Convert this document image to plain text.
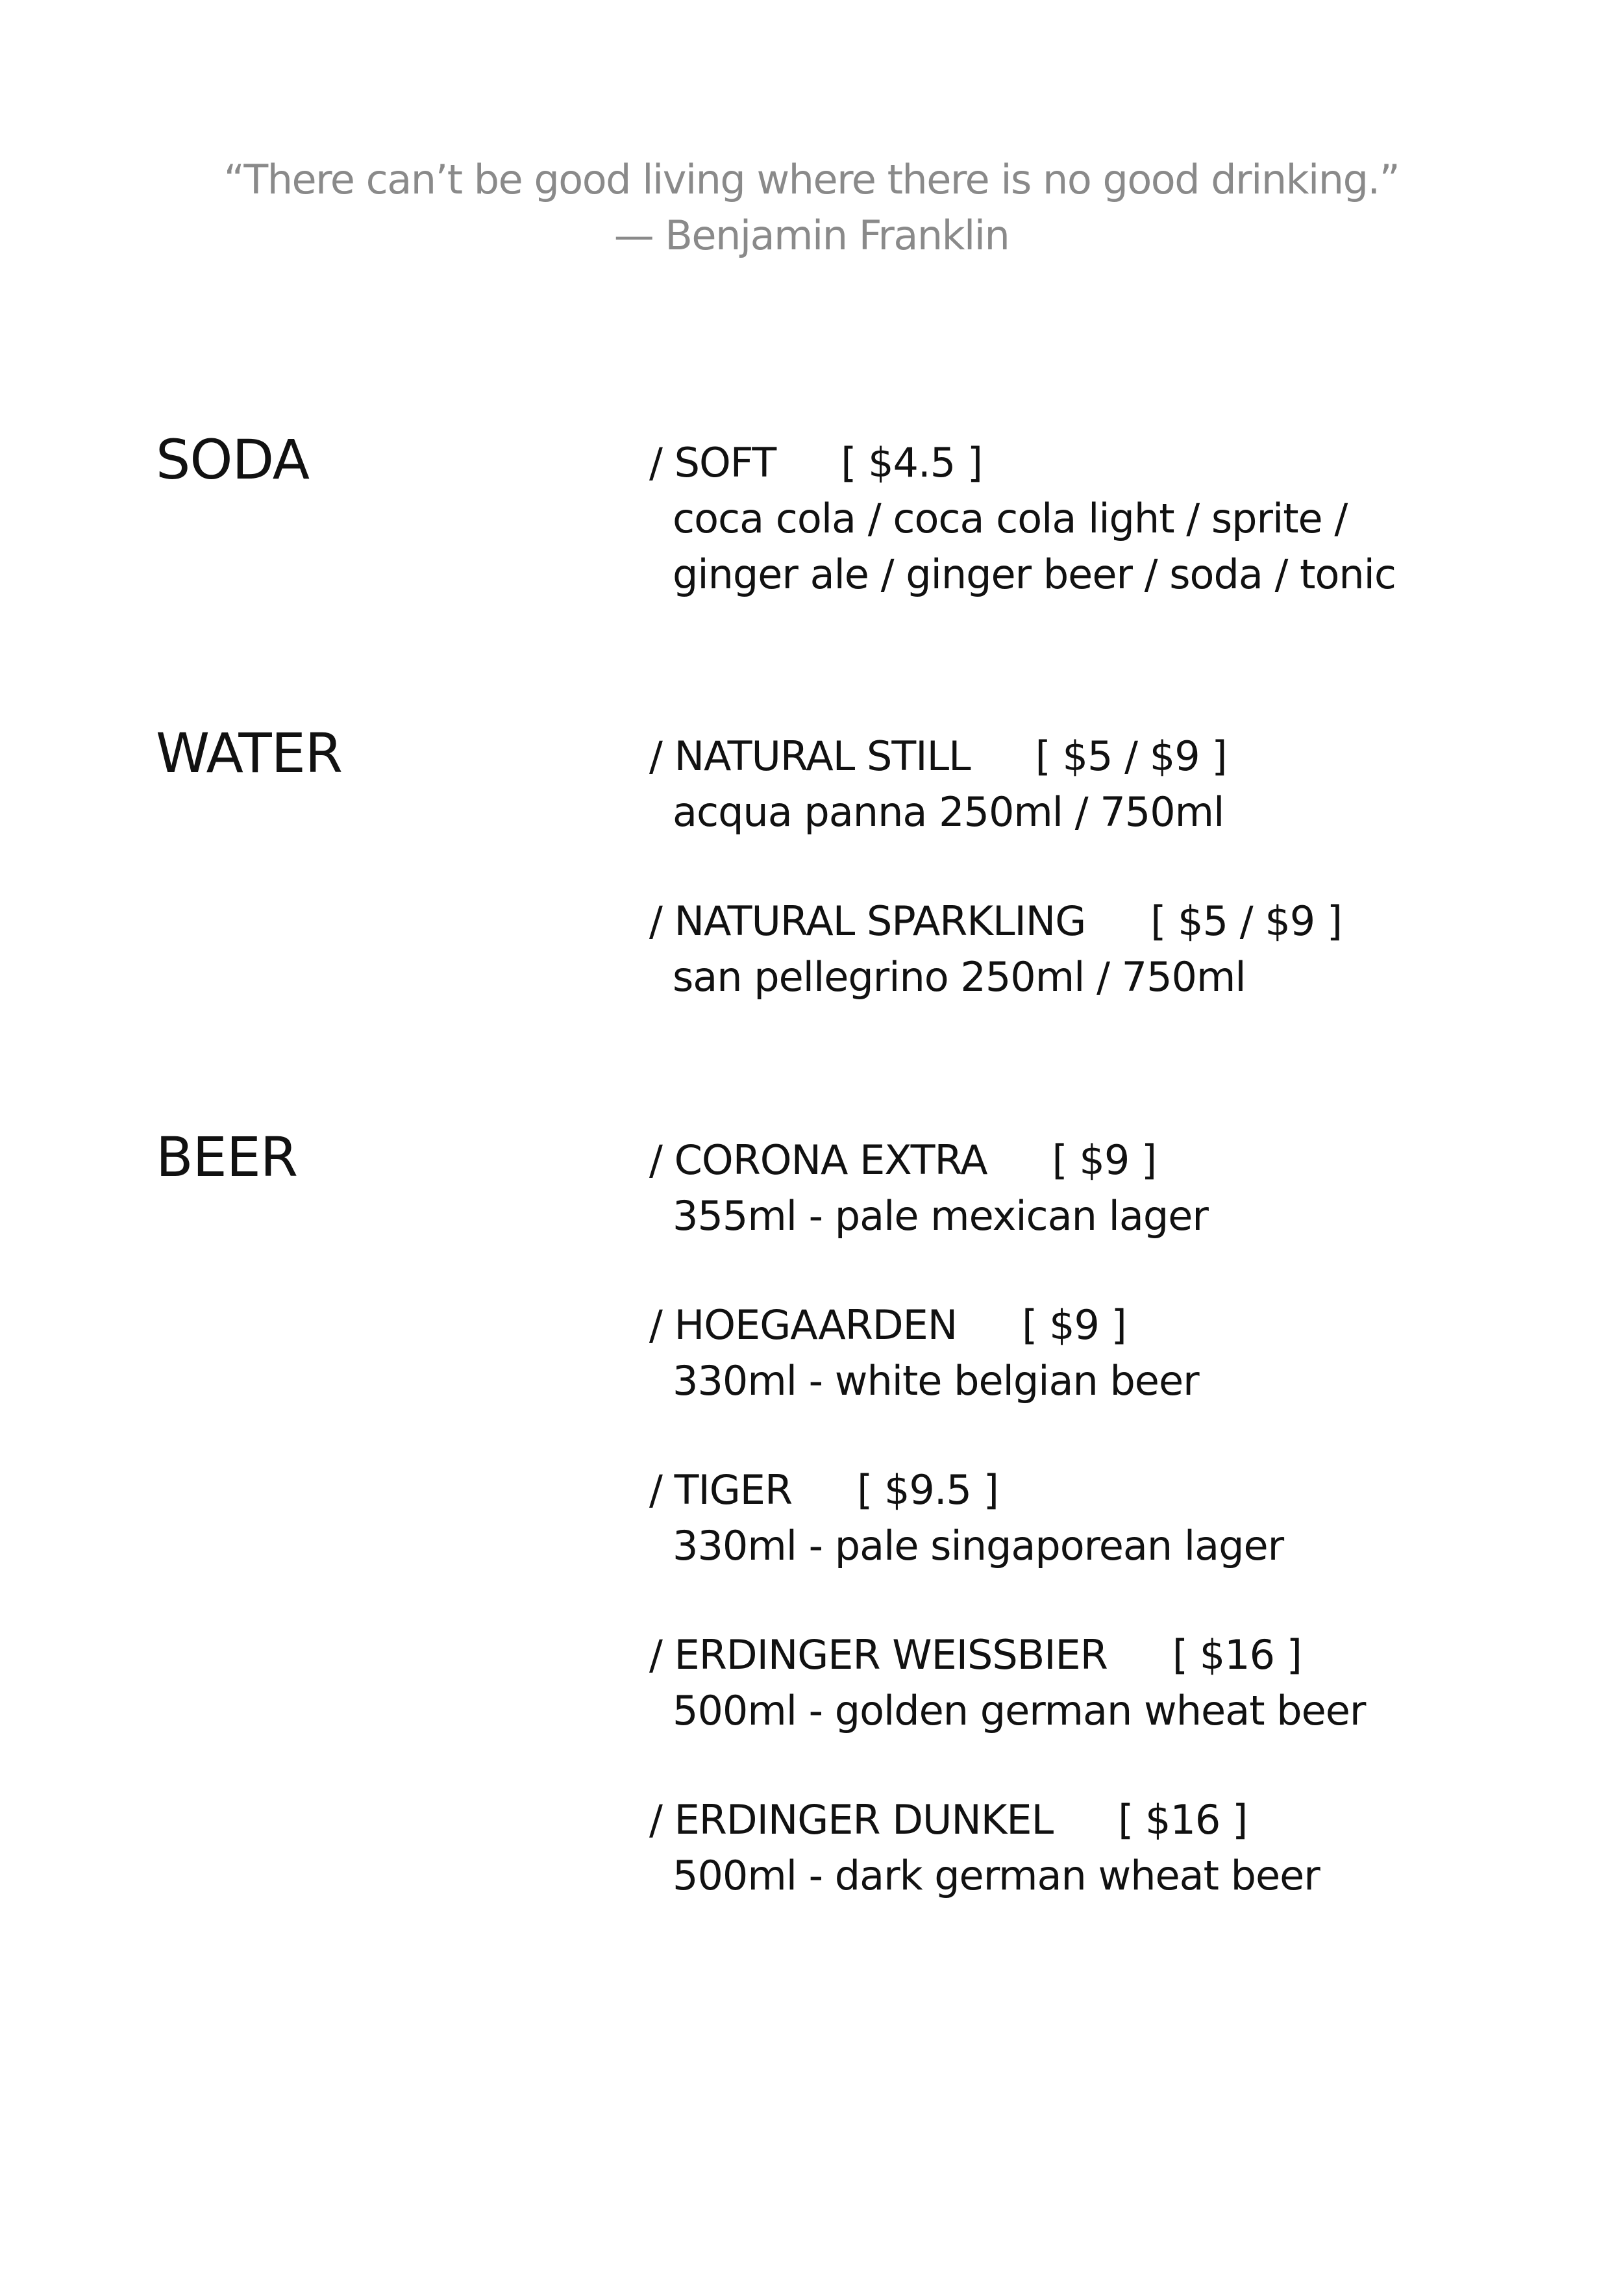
“There can’t be good living where there is no good drinking.”
— Benjamin Franklin
SODA	/ SOFT [ $4.5 ]
coca cola / coca cola light / sprite /
ginger ale / ginger beer / soda / tonic
WATER	/ NATURAL STILL [ $5 / $9 ]
acqua panna 250ml / 750ml
/ NATURAL SPARKLING [ $5 / $9 ]
san pellegrino 250ml / 750ml
BEER	/ CORONA EXTRA [ $9 ]
355ml - pale mexican lager
/ HOEGAARDEN [ $9 ]
330ml - white belgian beer
/ TIGER [ $9.5 ]
330ml - pale singaporean lager
/ ERDINGER WEISSBIER [ $16 ]
500ml - golden german wheat beer
/ ERDINGER DUNKEL [ $16 ]
500ml - dark german wheat beer
